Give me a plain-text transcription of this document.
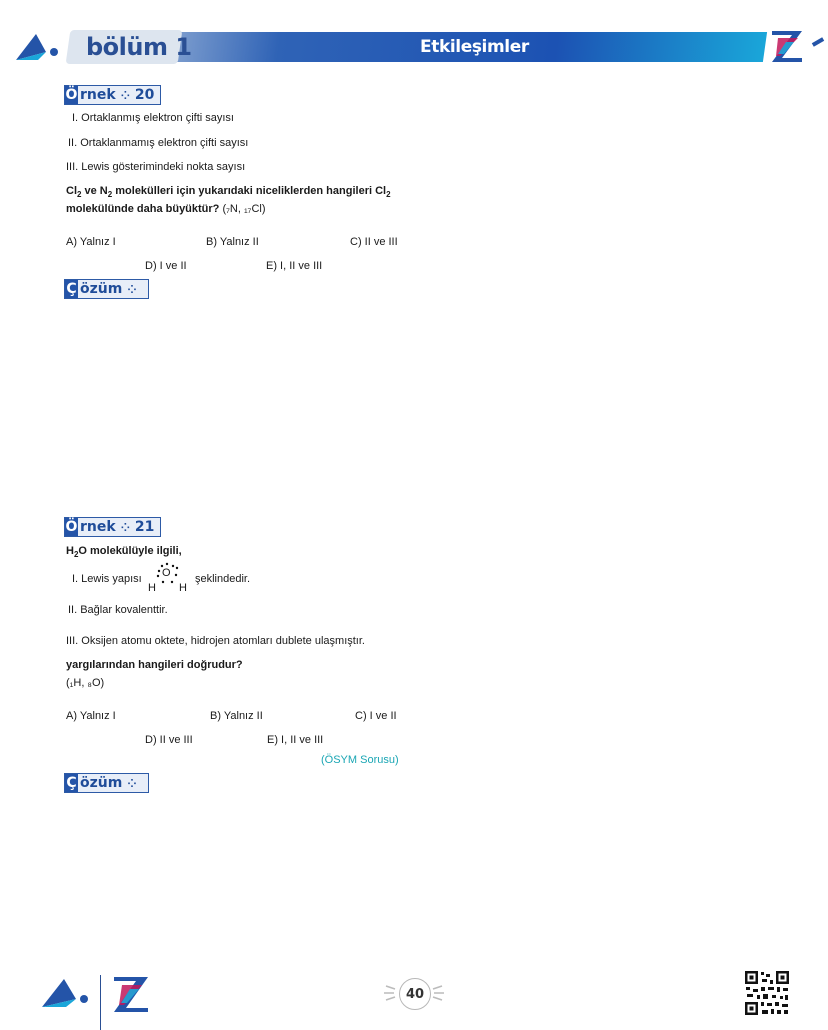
bölüm 1	Etkileşimler
Ö rnek ⁘ 20
I. Ortaklanmış elektron çifti sayısı
II. Ortaklanmamış elektron çifti sayısı
III. Lewis gösterimindeki nokta sayısı
$Cl_2$ ve $N_2$ molekülleri için yukarıdaki niceliklerden hangileri $Cl_2$
molekülünde daha büyüktür? (₇N, ₁₇Cl)
A) Yalnız I	B) Yalnız II	C) II ve III
D) I ve II	E) I, II ve III
Ç özüm ⁘
Ö rnek ⁘ 21
$H_2O$ molekülüyle ilgili,
I. Lewis yapısı O
H H
şeklindedir.
II. Bağlar kovalenttir.
III. Oksijen atomu oktete, hidrojen atomları dublete ulaşmıştır.
yargılarından hangileri doğrudur?
(₁H, ₈O)
A) Yalnız I	B) Yalnız II	C) I ve II
D) II ve III	E) I, II ve III
(ÖSYM Sorusu)
Ç özüm ⁘
40
